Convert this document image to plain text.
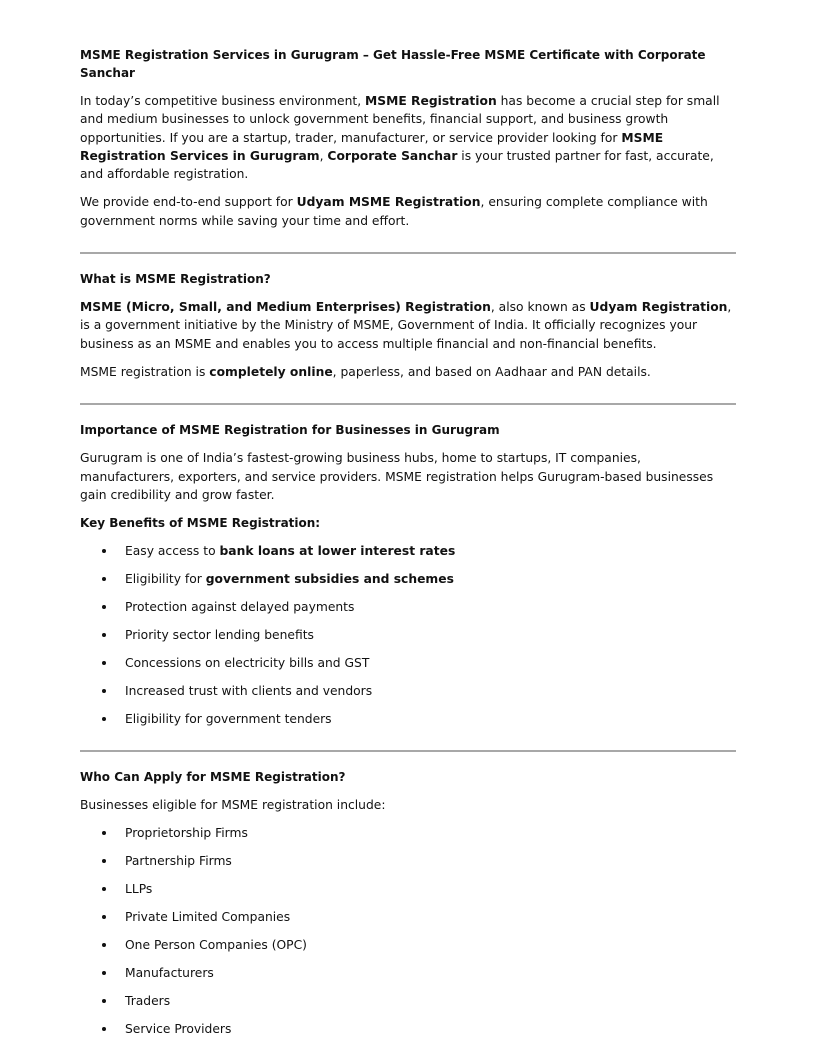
MSME Registration Services in Gurugram – Get Hassle-Free MSME Certificate with Corporate Sanchar

In today’s competitive business environment, MSME Registration has become a crucial step for small and medium businesses to unlock government benefits, financial support, and business growth opportunities. If you are a startup, trader, manufacturer, or service provider looking for MSME Registration Services in Gurugram, Corporate Sanchar is your trusted partner for fast, accurate, and affordable registration.

We provide end-to-end support for Udyam MSME Registration, ensuring complete compliance with government norms while saving your time and effort.

What is MSME Registration?

MSME (Micro, Small, and Medium Enterprises) Registration, also known as Udyam Registration, is a government initiative by the Ministry of MSME, Government of India. It officially recognizes your business as an MSME and enables you to access multiple financial and non-financial benefits.

MSME registration is completely online, paperless, and based on Aadhaar and PAN details.

Importance of MSME Registration for Businesses in Gurugram

Gurugram is one of India’s fastest-growing business hubs, home to startups, IT companies, manufacturers, exporters, and service providers. MSME registration helps Gurugram-based businesses gain credibility and grow faster.

Key Benefits of MSME Registration:

Easy access to bank loans at lower interest rates
Eligibility for government subsidies and schemes
Protection against delayed payments
Priority sector lending benefits
Concessions on electricity bills and GST
Increased trust with clients and vendors
Eligibility for government tenders

Who Can Apply for MSME Registration?

Businesses eligible for MSME registration include:

Proprietorship Firms
Partnership Firms
LLPs
Private Limited Companies
One Person Companies (OPC)
Manufacturers
Traders
Service Providers
